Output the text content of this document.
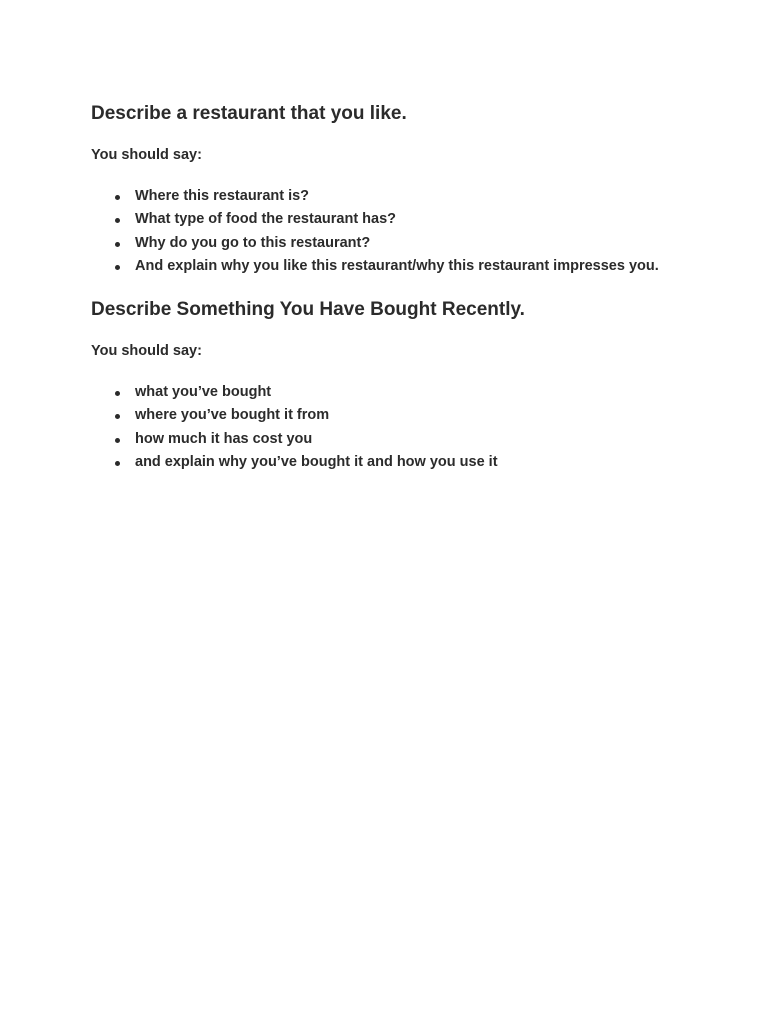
Describe a restaurant that you like.

You should say:

Where this restaurant is?
What type of food the restaurant has?
Why do you go to this restaurant?
And explain why you like this restaurant/why this restaurant impresses you.
Describe Something You Have Bought Recently.

You should say:

what you’ve bought
where you’ve bought it from
how much it has cost you
and explain why you’ve bought it and how you use it
